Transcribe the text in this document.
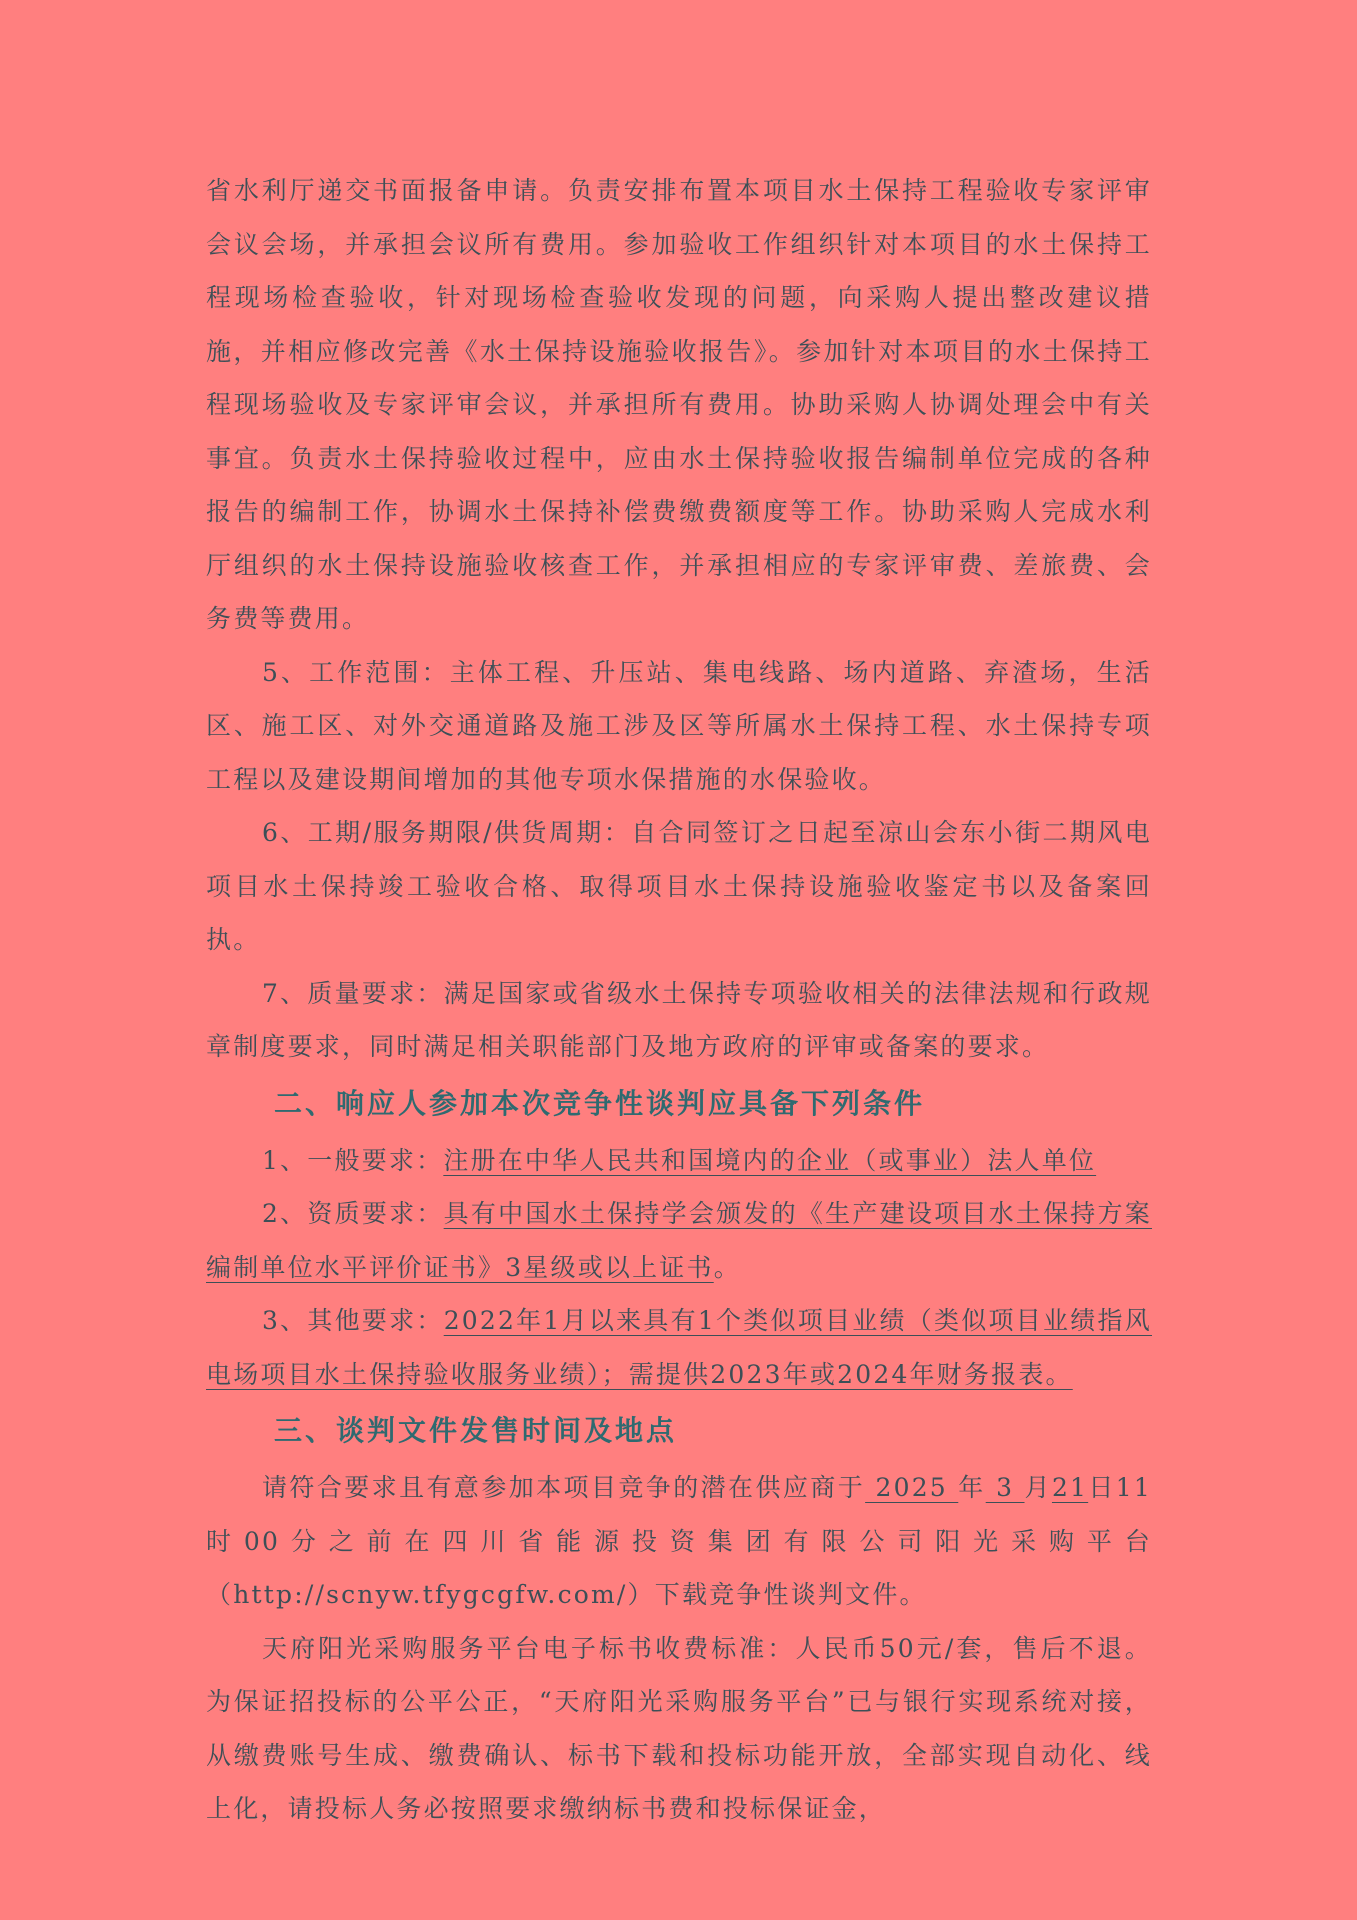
省水利厅递交书面报备申请。负责安排布置本项目水土保持工程验收专家评审会议会场，并承担会议所有费用。参加验收工作组织针对本项目的水土保持工程现场检查验收，针对现场检查验收发现的问题，向采购人提出整改建议措施，并相应修改完善《水土保持设施验收报告》。参加针对本项目的水土保持工程现场验收及专家评审会议，并承担所有费用。协助采购人协调处理会中有关事宜。负责水土保持验收过程中，应由水土保持验收报告编制单位完成的各种报告的编制工作，协调水土保持补偿费缴费额度等工作。协助采购人完成水利厅组织的水土保持设施验收核查工作，并承担相应的专家评审费、差旅费、会务费等费用。

5、工作范围：主体工程、升压站、集电线路、场内道路、弃渣场，生活区、施工区、对外交通道路及施工涉及区等所属水土保持工程、水土保持专项工程以及建设期间增加的其他专项水保措施的水保验收。

6、工期/服务期限/供货周期：自合同签订之日起至凉山会东小街二期风电项目水土保持竣工验收合格、取得项目水土保持设施验收鉴定书以及备案回执。

7、质量要求：满足国家或省级水土保持专项验收相关的法律法规和行政规章制度要求，同时满足相关职能部门及地方政府的评审或备案的要求。

二、响应人参加本次竞争性谈判应具备下列条件

1、一般要求：注册在中华人民共和国境内的企业（或事业）法人单位

2、资质要求：具有中国水土保持学会颁发的《生产建设项目水土保持方案编制单位水平评价证书》3星级或以上证书。

3、其他要求：2022年1月以来具有1个类似项目业绩（类似项目业绩指风电场项目水土保持验收服务业绩）；需提供2023年或2024年财务报表。

三、谈判文件发售时间及地点

请符合要求且有意参加本项目竞争的潜在供应商于 2025 年 3 月21日11时00分之前在四川省能源投资集团有限公司阳光采购平台（http://scnyw.tfygcgfw.com/）下载竞争性谈判文件。

天府阳光采购服务平台电子标书收费标准：人民币50元/套，售后不退。为保证招投标的公平公正，“天府阳光采购服务平台”已与银行实现系统对接，从缴费账号生成、缴费确认、标书下载和投标功能开放，全部实现自动化、线上化，请投标人务必按照要求缴纳标书费和投标保证金，
